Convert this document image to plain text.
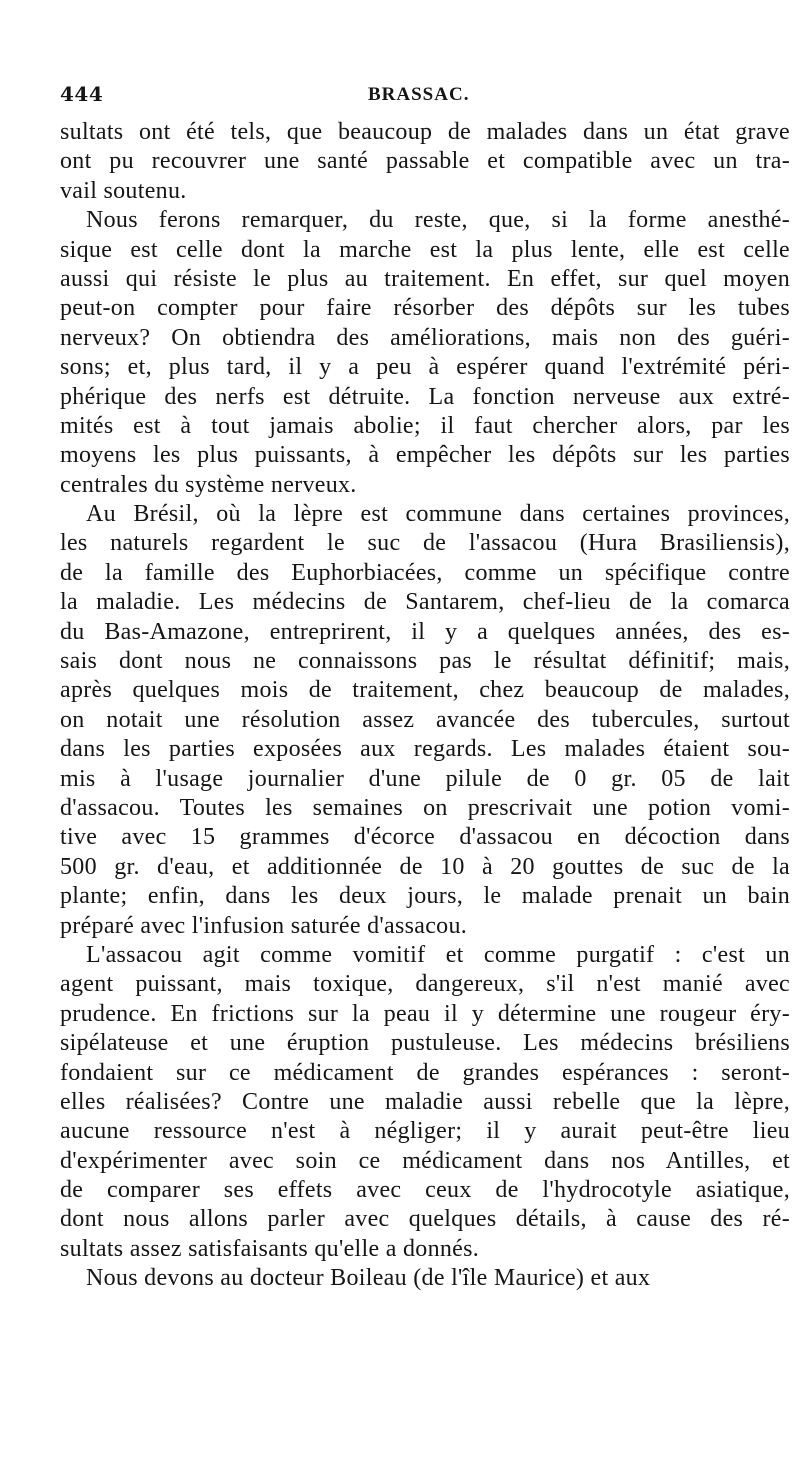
444	BRASSAC.
sultats ont été tels, que beaucoup de malades dans un état grave
ont pu recouvrer une santé passable et compatible avec un tra-
vail soutenu.
Nous ferons remarquer, du reste, que, si la forme anesthé-
sique est celle dont la marche est la plus lente, elle est celle
aussi qui résiste le plus au traitement. En effet, sur quel moyen
peut-on compter pour faire résorber des dépôts sur les tubes
nerveux? On obtiendra des améliorations, mais non des guéri-
sons; et, plus tard, il y a peu à espérer quand l'extrémité péri-
phérique des nerfs est détruite. La fonction nerveuse aux extré-
mités est à tout jamais abolie; il faut chercher alors, par les
moyens les plus puissants, à empêcher les dépôts sur les parties
centrales du système nerveux.
Au Brésil, où la lèpre est commune dans certaines provinces,
les naturels regardent le suc de l'assacou (Hura Brasiliensis),
de la famille des Euphorbiacées, comme un spécifique contre
la maladie. Les médecins de Santarem, chef-lieu de la comarca
du Bas-Amazone, entreprirent, il y a quelques années, des es-
sais dont nous ne connaissons pas le résultat définitif; mais,
après quelques mois de traitement, chez beaucoup de malades,
on notait une résolution assez avancée des tubercules, surtout
dans les parties exposées aux regards. Les malades étaient sou-
mis à l'usage journalier d'une pilule de 0 gr. 05 de lait
d'assacou. Toutes les semaines on prescrivait une potion vomi-
tive avec 15 grammes d'écorce d'assacou en décoction dans
500 gr. d'eau, et additionnée de 10 à 20 gouttes de suc de la
plante; enfin, dans les deux jours, le malade prenait un bain
préparé avec l'infusion saturée d'assacou.
L'assacou agit comme vomitif et comme purgatif : c'est un
agent puissant, mais toxique, dangereux, s'il n'est manié avec
prudence. En frictions sur la peau il y détermine une rougeur éry-
sipélateuse et une éruption pustuleuse. Les médecins brésiliens
fondaient sur ce médicament de grandes espérances : seront-
elles réalisées? Contre une maladie aussi rebelle que la lèpre,
aucune ressource n'est à négliger; il y aurait peut-être lieu
d'expérimenter avec soin ce médicament dans nos Antilles, et
de comparer ses effets avec ceux de l'hydrocotyle asiatique,
dont nous allons parler avec quelques détails, à cause des ré-
sultats assez satisfaisants qu'elle a donnés.
Nous devons au docteur Boileau (de l'île Maurice) et aux
